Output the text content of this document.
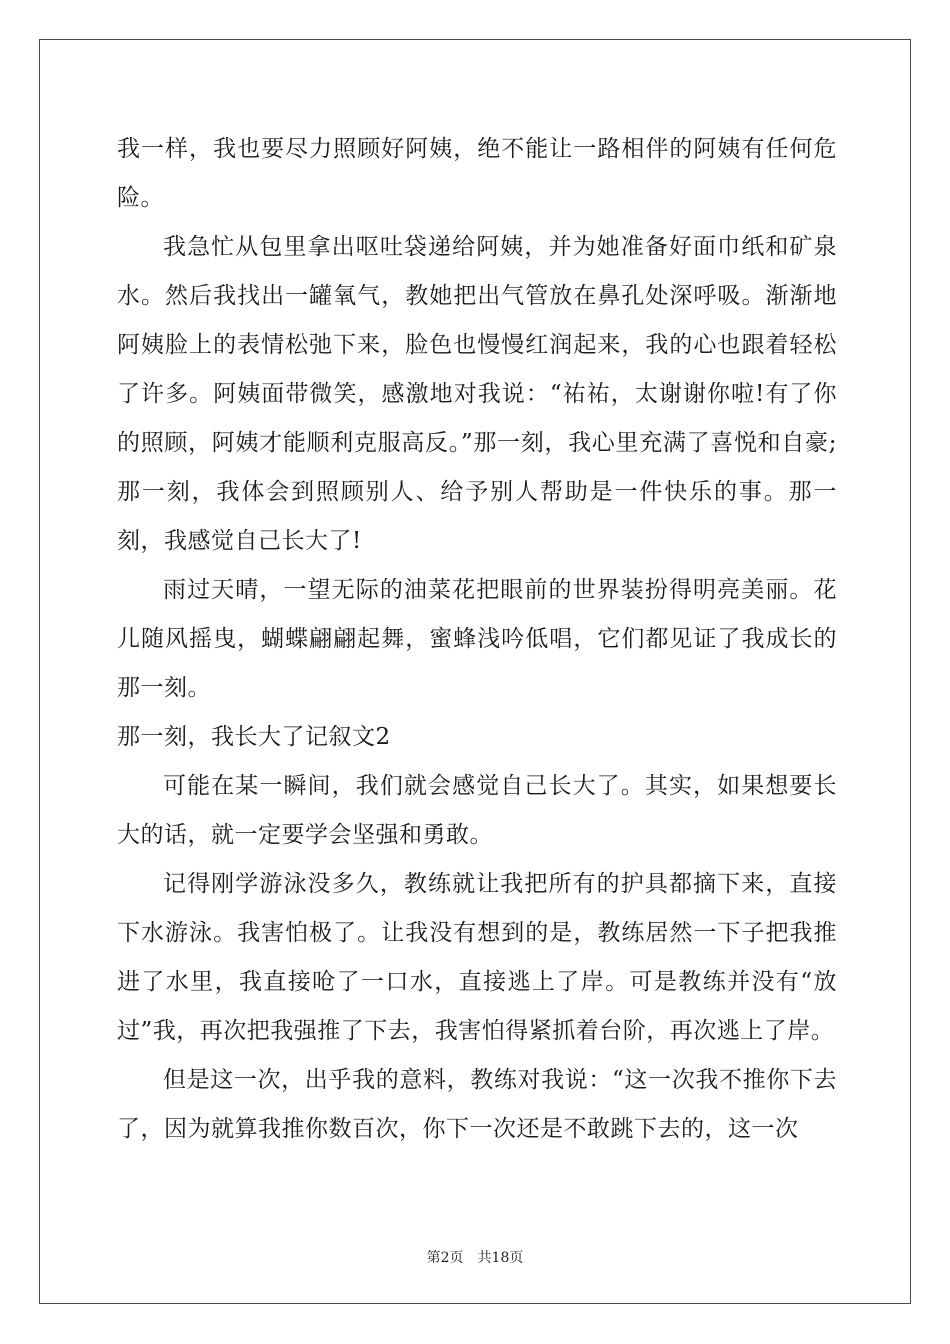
我一样，我也要尽力照顾好阿姨，绝不能让一路相伴的阿姨有任何危险。

我急忙从包里拿出呕吐袋递给阿姨，并为她准备好面巾纸和矿泉水。然后我找出一罐氧气，教她把出气管放在鼻孔处深呼吸。渐渐地阿姨脸上的表情松弛下来，脸色也慢慢红润起来，我的心也跟着轻松了许多。阿姨面带微笑，感激地对我说：“祐祐，太谢谢你啦!有了你的照顾，阿姨才能顺利克服高反。”那一刻，我心里充满了喜悦和自豪;那一刻，我体会到照顾别人、给予别人帮助是一件快乐的事。那一刻，我感觉自己长大了!

雨过天晴，一望无际的油菜花把眼前的世界装扮得明亮美丽。花儿随风摇曳，蝴蝶翩翩起舞，蜜蜂浅吟低唱，它们都见证了我成长的那一刻。

那一刻，我长大了记叙文2

可能在某一瞬间，我们就会感觉自己长大了。其实，如果想要长大的话，就一定要学会坚强和勇敢。

记得刚学游泳没多久，教练就让我把所有的护具都摘下来，直接下水游泳。我害怕极了。让我没有想到的是，教练居然一下子把我推进了水里，我直接呛了一口水，直接逃上了岸。可是教练并没有“放过”我，再次把我强推了下去，我害怕得紧抓着台阶，再次逃上了岸。

但是这一次，出乎我的意料，教练对我说：“这一次我不推你下去了，因为就算我推你数百次，你下一次还是不敢跳下去的，这一次

第2页 共18页
